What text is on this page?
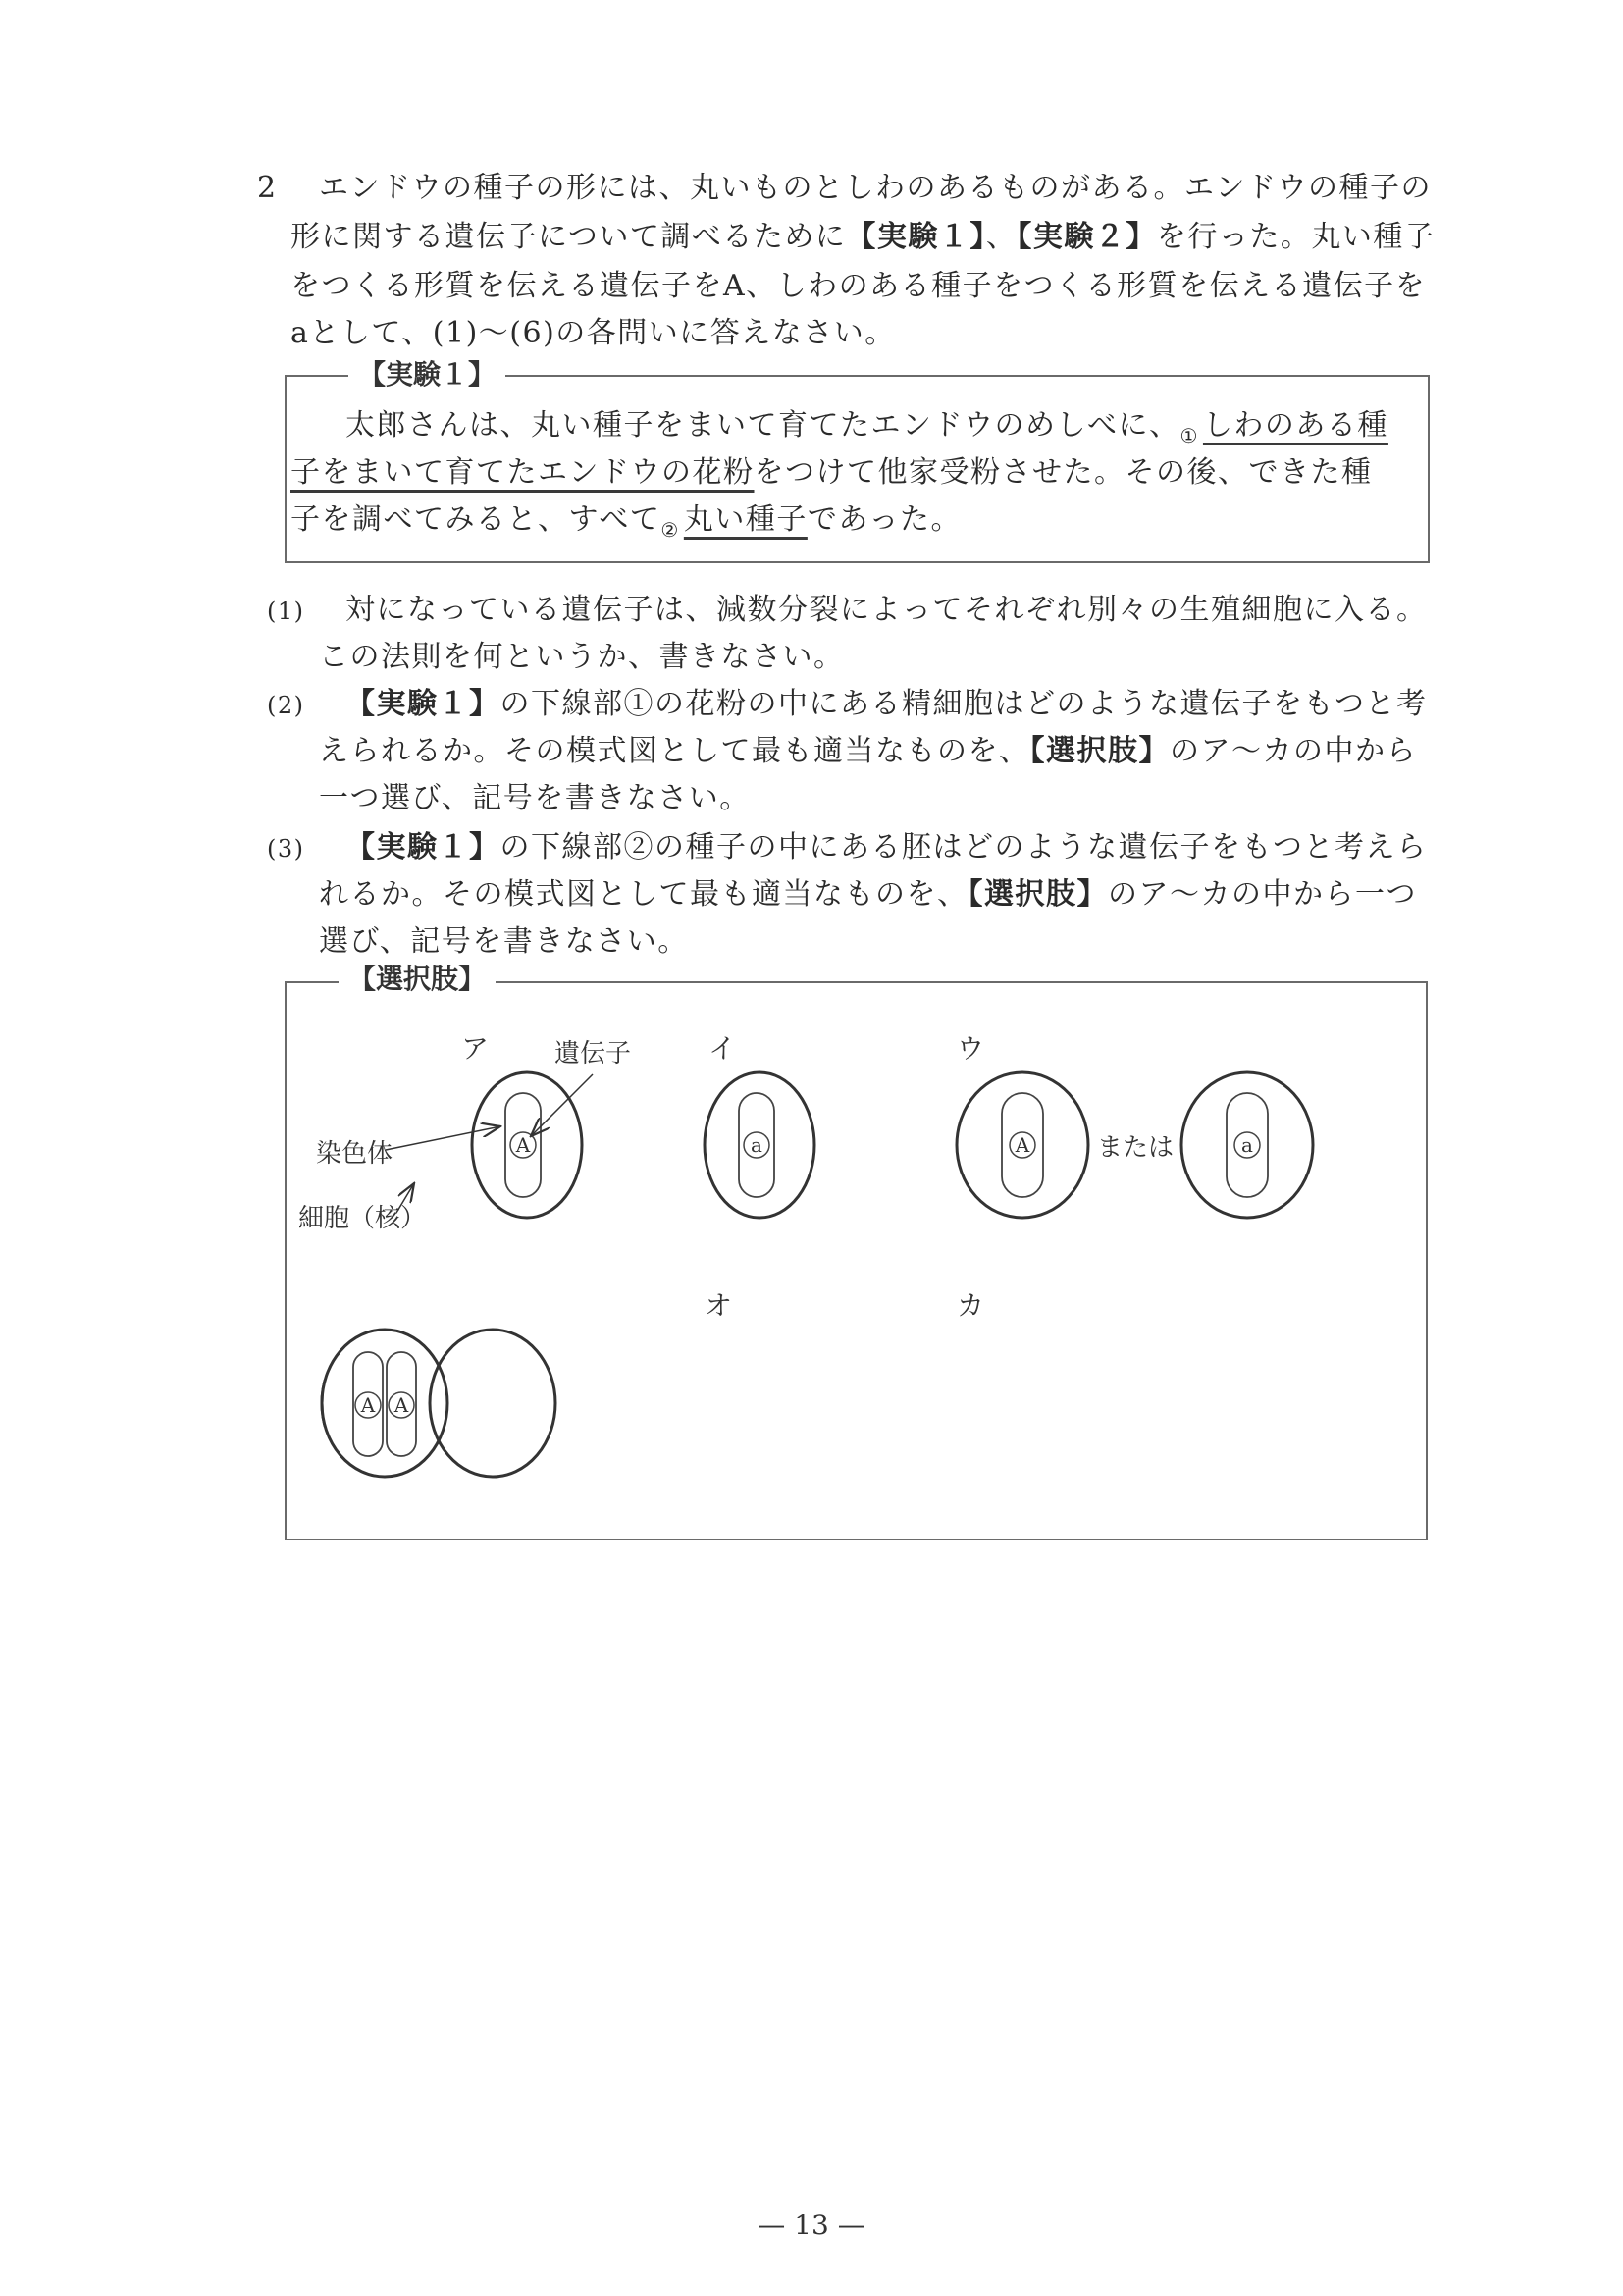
2 エンドウの種子の形には、丸いものとしわのあるものがある。エンドウの種子の
形に関する遺伝子について調べるために【実験１】、【実験２】を行った。丸い種子
をつくる形質を伝える遺伝子をA、しわのある種子をつくる形質を伝える遺伝子を
aとして、(1)〜(6)の各問いに答えなさい。
【実験１】
太郎さんは、丸い種子をまいて育てたエンドウのめしべに、$_①$ しわのある種
子をまいて育てたエンドウの花粉をつけて他家受粉させた。その後、できた種
子を調べてみると、すべて$_②$ 丸い種子であった。
(1) 対になっている遺伝子は、減数分裂によってそれぞれ別々の生殖細胞に入る。
この法則を何というか、書きなさい。
(2) 【実験１】の下線部①の花粉の中にある精細胞はどのような遺伝子をもつと考
えられるか。その模式図として最も適当なものを、【選択肢】のア〜カの中から
一つ選び、記号を書きなさい。
(3) 【実験１】の下線部②の種子の中にある胚はどのような遺伝子をもつと考えら
れるか。その模式図として最も適当なものを、【選択肢】のア〜カの中から一つ
選び、記号を書きなさい。
【選択肢】
ア	イ	ウ
オ	カ
A
遺伝子
染色体
細胞（核）
a	A	または	a
A A
— 13 —
